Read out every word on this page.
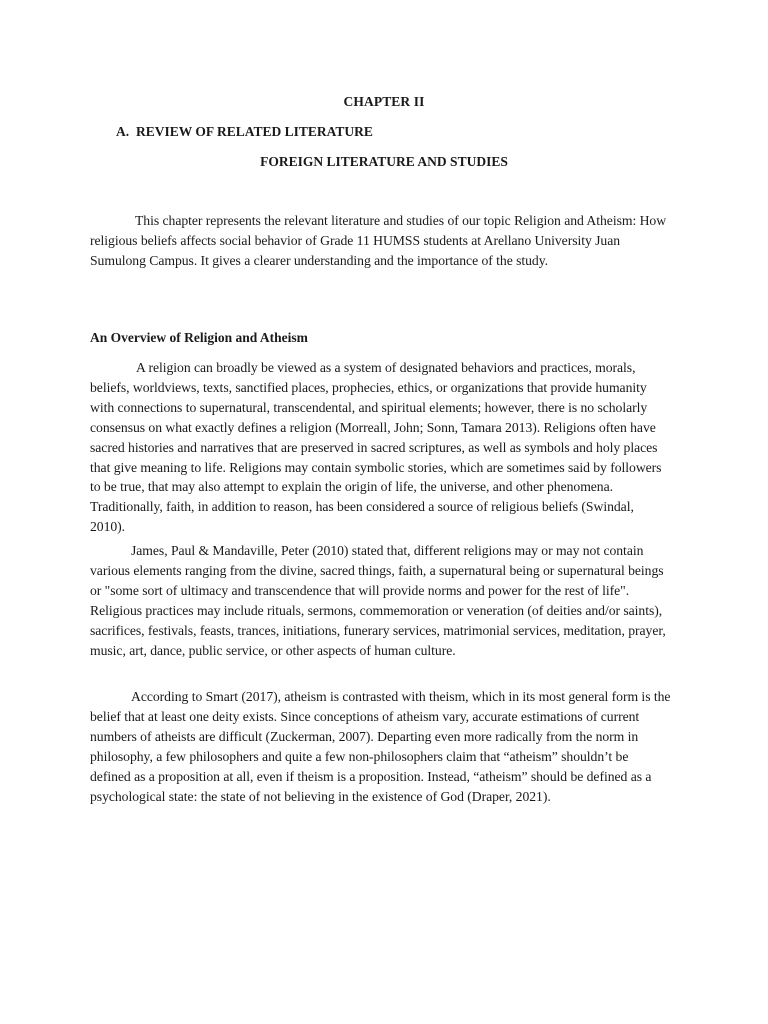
CHAPTER II
A. REVIEW OF RELATED LITERATURE
FOREIGN LITERATURE AND STUDIES

This chapter represents the relevant literature and studies of our topic Religion and Atheism: How religious beliefs affects social behavior of Grade 11 HUMSS students at Arellano University Juan Sumulong Campus. It gives a clearer understanding and the importance of the study.

An Overview of Religion and Atheism

A religion can broadly be viewed as a system of designated behaviors and practices, morals, beliefs, worldviews, texts, sanctified places, prophecies, ethics, or organizations that provide humanity with connections to supernatural, transcendental, and spiritual elements; however, there is no scholarly consensus on what exactly defines a religion (Morreall, John; Sonn, Tamara 2013). Religions often have sacred histories and narratives that are preserved in sacred scriptures, as well as symbols and holy places that give meaning to life. Religions may contain symbolic stories, which are sometimes said by followers to be true, that may also attempt to explain the origin of life, the universe, and other phenomena. Traditionally, faith, in addition to reason, has been considered a source of religious beliefs (Swindal, 2010).

James, Paul & Mandaville, Peter (2010) stated that, different religions may or may not contain various elements ranging from the divine, sacred things, faith, a supernatural being or supernatural beings or "some sort of ultimacy and transcendence that will provide norms and power for the rest of life". Religious practices may include rituals, sermons, commemoration or veneration (of deities and/or saints), sacrifices, festivals, feasts, trances, initiations, funerary services, matrimonial services, meditation, prayer, music, art, dance, public service, or other aspects of human culture.

According to Smart (2017), atheism is contrasted with theism, which in its most general form is the belief that at least one deity exists. Since conceptions of atheism vary, accurate estimations of current numbers of atheists are difficult (Zuckerman, 2007). Departing even more radically from the norm in philosophy, a few philosophers and quite a few non-philosophers claim that “atheism” shouldn’t be defined as a proposition at all, even if theism is a proposition. Instead, “atheism” should be defined as a psychological state: the state of not believing in the existence of God (Draper, 2021).
